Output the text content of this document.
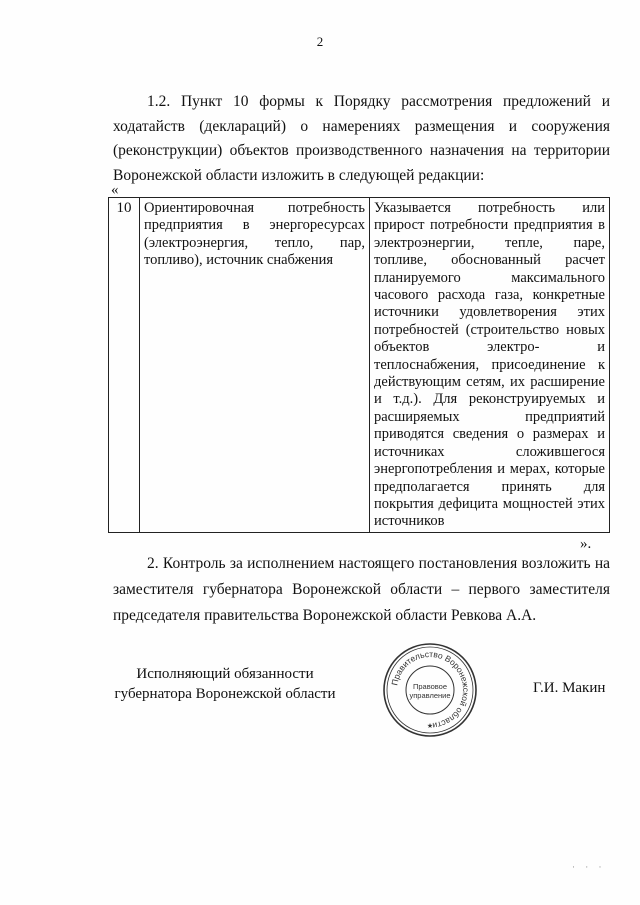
2

1.2. Пункт 10 формы к Порядку рассмотрения предложений и ходатайств (деклараций) о намерениях размещения и сооружения (реконструкции) объектов производственного назначения на территории Воронежской области изложить в следующей редакции:

«
10	Ориентировочная потребность предприятия в энергоресурсах (электроэнергия, тепло, пар, топливо), источник снабжения	Указывается потребность или прирост потребности предприятия в электроэнергии, тепле, паре, топливе, обоснованный расчет планируемого максимального часового расхода газа, конкретные источники удовлетворения этих потребностей (строительство новых объектов электро- и теплоснабжения, присоединение к действующим сетям, их расширение и т.д.). Для реконструируемых и расширяемых предприятий приводятся сведения о размерах и источниках сложившегося энергопотребления и мерах, которые предполагается принять для покрытия дефицита мощностей этих источников
».

2. Контроль за исполнением настоящего постановления возложить на заместителя губернатора Воронежской области – первого заместителя председателя правительства Воронежской области Ревкова А.А.

Исполняющий обязанности
губернатора Воронежской области
Правительство Воронежской области
Правовое
управление
★
Г.И. Макин
· · ·
